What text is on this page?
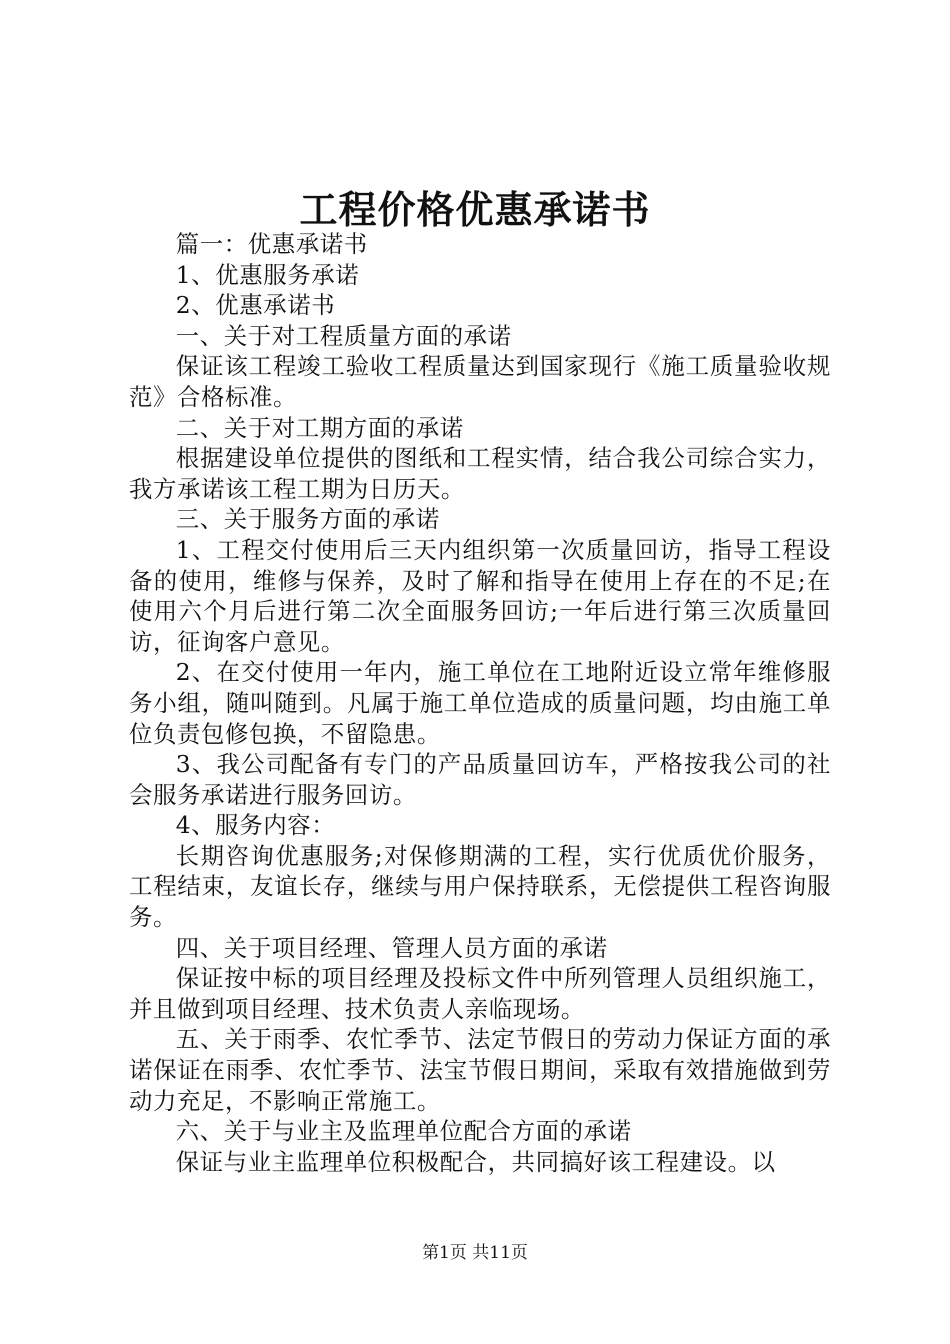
工程价格优惠承诺书

篇一：优惠承诺书

1、优惠服务承诺

2、优惠承诺书

一、关于对工程质量方面的承诺

保证该工程竣工验收工程质量达到国家现行《施工质量验收规范》合格标准。

二、关于对工期方面的承诺

根据建设单位提供的图纸和工程实情，结合我公司综合实力，我方承诺该工程工期为日历天。

三、关于服务方面的承诺

1、工程交付使用后三天内组织第一次质量回访，指导工程设备的使用，维修与保养，及时了解和指导在使用上存在的不足;在使用六个月后进行第二次全面服务回访;一年后进行第三次质量回访，征询客户意见。

2、在交付使用一年内，施工单位在工地附近设立常年维修服务小组，随叫随到。凡属于施工单位造成的质量问题，均由施工单位负责包修包换，不留隐患。

3、我公司配备有专门的产品质量回访车，严格按我公司的社会服务承诺进行服务回访。

4、服务内容：

长期咨询优惠服务;对保修期满的工程，实行优质优价服务，工程结束，友谊长存，继续与用户保持联系，无偿提供工程咨询服务。

四、关于项目经理、管理人员方面的承诺

保证按中标的项目经理及投标文件中所列管理人员组织施工，并且做到项目经理、技术负责人亲临现场。

五、关于雨季、农忙季节、法定节假日的劳动力保证方面的承诺保证在雨季、农忙季节、法宝节假日期间，采取有效措施做到劳动力充足，不影响正常施工。

六、关于与业主及监理单位配合方面的承诺

保证与业主监理单位积极配合，共同搞好该工程建设。以

第1页 共11页
